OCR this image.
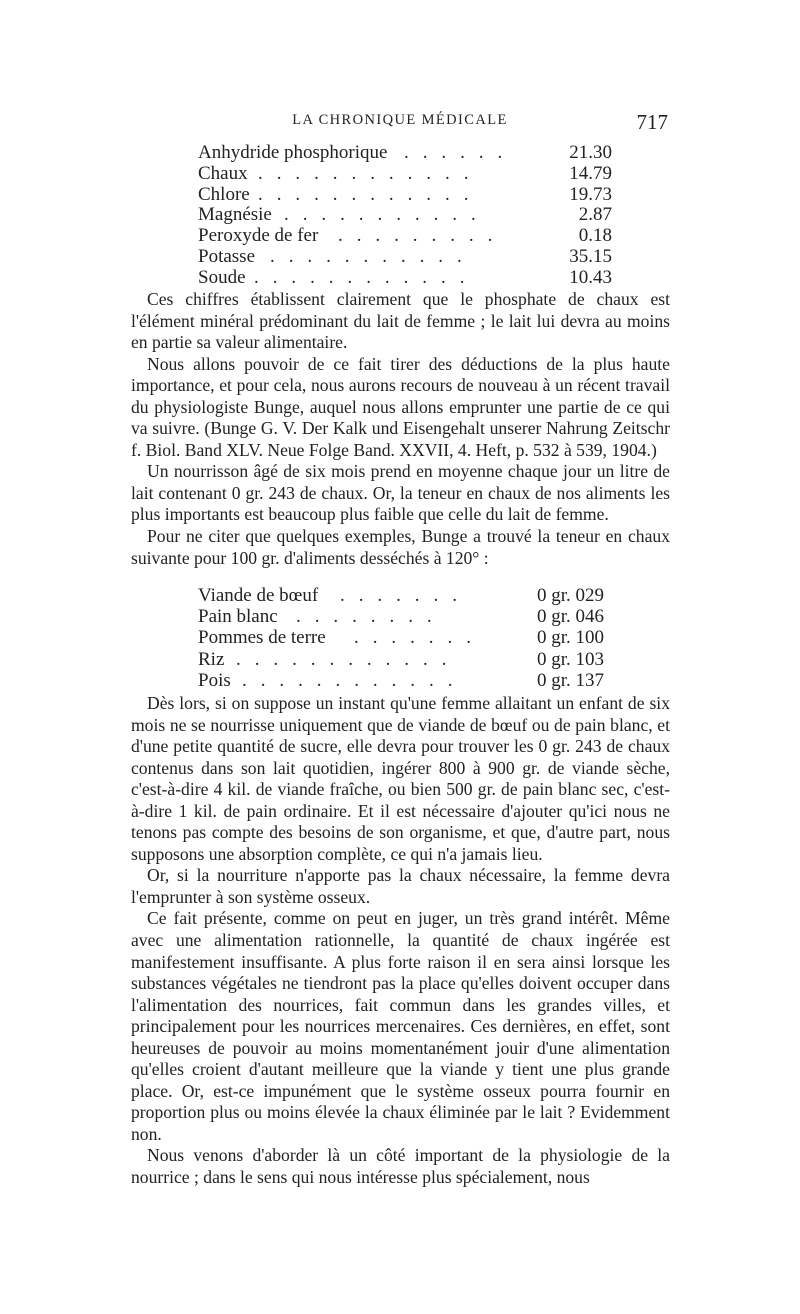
LA CHRONIQUE MÉDICALE	717
Anhydride phosphorique . . . . . .	21.30
Chaux . . . . . . . . . . . .	14.79
Chlore . . . . . . . . . . . .	19.73
Magnésie . . . . . . . . . . .	2.87
Peroxyde de fer . . . . . . . . .	0.18
Potasse . . . . . . . . . . .	35.15
Soude . . . . . . . . . . . .	10.43

Ces chiffres établissent clairement que le phosphate de chaux est l'élément minéral prédominant du lait de femme ; le lait lui devra au moins en partie sa valeur alimentaire.

Nous allons pouvoir de ce fait tirer des déductions de la plus haute importance, et pour cela, nous aurons recours de nouveau à un récent travail du physiologiste Bunge, auquel nous allons emprunter une partie de ce qui va suivre. (Bunge G. V. Der Kalk und Eisengehalt unserer Nahrung Zeitschr f. Biol. Band XLV. Neue Folge Band. XXVII, 4. Heft, p. 532 à 539, 1904.)

Un nourrisson âgé de six mois prend en moyenne chaque jour un litre de lait contenant 0 gr. 243 de chaux. Or, la teneur en chaux de nos aliments les plus importants est beaucoup plus faible que celle du lait de femme.

Pour ne citer que quelques exemples, Bunge a trouvé la teneur en chaux suivante pour 100 gr. d'aliments desséchés à 120° :

Viande de bœuf . . . . . . .	0 gr. 029
Pain blanc . . . . . . . .	0 gr. 046
Pommes de terre . . . . . . .	0 gr. 100
Riz . . . . . . . . . . . .	0 gr. 103
Pois . . . . . . . . . . . .	0 gr. 137

Dès lors, si on suppose un instant qu'une femme allaitant un enfant de six mois ne se nourrisse uniquement que de viande de bœuf ou de pain blanc, et d'une petite quantité de sucre, elle devra pour trouver les 0 gr. 243 de chaux contenus dans son lait quotidien, ingérer 800 à 900 gr. de viande sèche, c'est-à-dire 4 kil. de viande fraîche, ou bien 500 gr. de pain blanc sec, c'est-à-dire 1 kil. de pain ordinaire. Et il est nécessaire d'ajouter qu'ici nous ne tenons pas compte des besoins de son organisme, et que, d'autre part, nous supposons une absorption complète, ce qui n'a jamais lieu.

Or, si la nourriture n'apporte pas la chaux nécessaire, la femme devra l'emprunter à son système osseux.

Ce fait présente, comme on peut en juger, un très grand intérêt. Même avec une alimentation rationnelle, la quantité de chaux ingérée est manifestement insuffisante. A plus forte raison il en sera ainsi lorsque les substances végétales ne tiendront pas la place qu'elles doivent occuper dans l'alimentation des nourrices, fait commun dans les grandes villes, et principalement pour les nourrices mercenaires. Ces dernières, en effet, sont heureuses de pouvoir au moins momentanément jouir d'une alimentation qu'elles croient d'autant meilleure que la viande y tient une plus grande place. Or, est-ce impunément que le système osseux pourra fournir en proportion plus ou moins élevée la chaux éliminée par le lait ? Evidemment non.

Nous venons d'aborder là un côté important de la physiologie de la nourrice ; dans le sens qui nous intéresse plus spécialement, nous
